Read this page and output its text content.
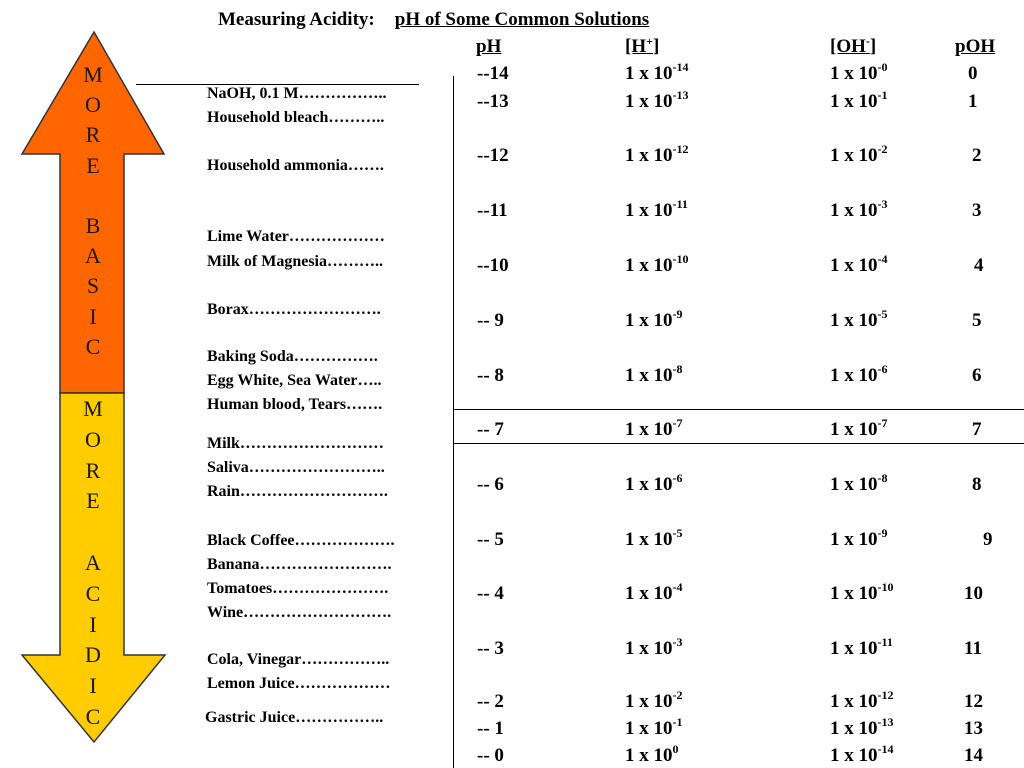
Measuring Acidity: pH of Some Common Solutions
pH	[H+]	[OH-]	pOH
M
O
R
E
B
A
S
I
C
M
O
R
E
A
C
I
D
I
C
NaOH, 0.1 M……………..
Household bleach………..
Household ammonia…….
Lime Water………………
Milk of Magnesia………..
Borax…………………….
Baking Soda…………….
Egg White, Sea Water…..
Human blood, Tears…….
Milk………………………
Saliva……………………..
Rain……………………….
Black Coffee……………….
Banana…………………….
Tomatoes………………….
Wine……………………….
Cola, Vinegar……………..
Lemon Juice………………
Gastric Juice……………..
--14	1 x $10^{-14}$	1 x $10^{-0}$	0
--13	1 x $10^{-13}$	1 x $10^{-1}$	1
--12	1 x $10^{-12}$	1 x $10^{-2}$	2
--11	1 x $10^{-11}$	1 x $10^{-3}$	3
--10	1 x $10^{-10}$	1 x $10^{-4}$	4
-- 9	1 x $10^{-9}$	1 x $10^{-5}$	5
-- 8	1 x $10^{-8}$	1 x $10^{-6}$	6
-- 7	1 x $10^{-7}$	1 x $10^{-7}$	7
-- 6	1 x $10^{-6}$	1 x $10^{-8}$	8
-- 5	1 x $10^{-5}$	1 x $10^{-9}$	9
-- 4	1 x $10^{-4}$	1 x $10^{-10}$	10
-- 3	1 x $10^{-3}$	1 x $10^{-11}$	11
-- 2	1 x $10^{-2}$	1 x $10^{-12}$	12
-- 1	1 x $10^{-1}$	1 x $10^{-13}$	13
-- 0	1 x $10^0$	1 x $10^{-14}$	14
